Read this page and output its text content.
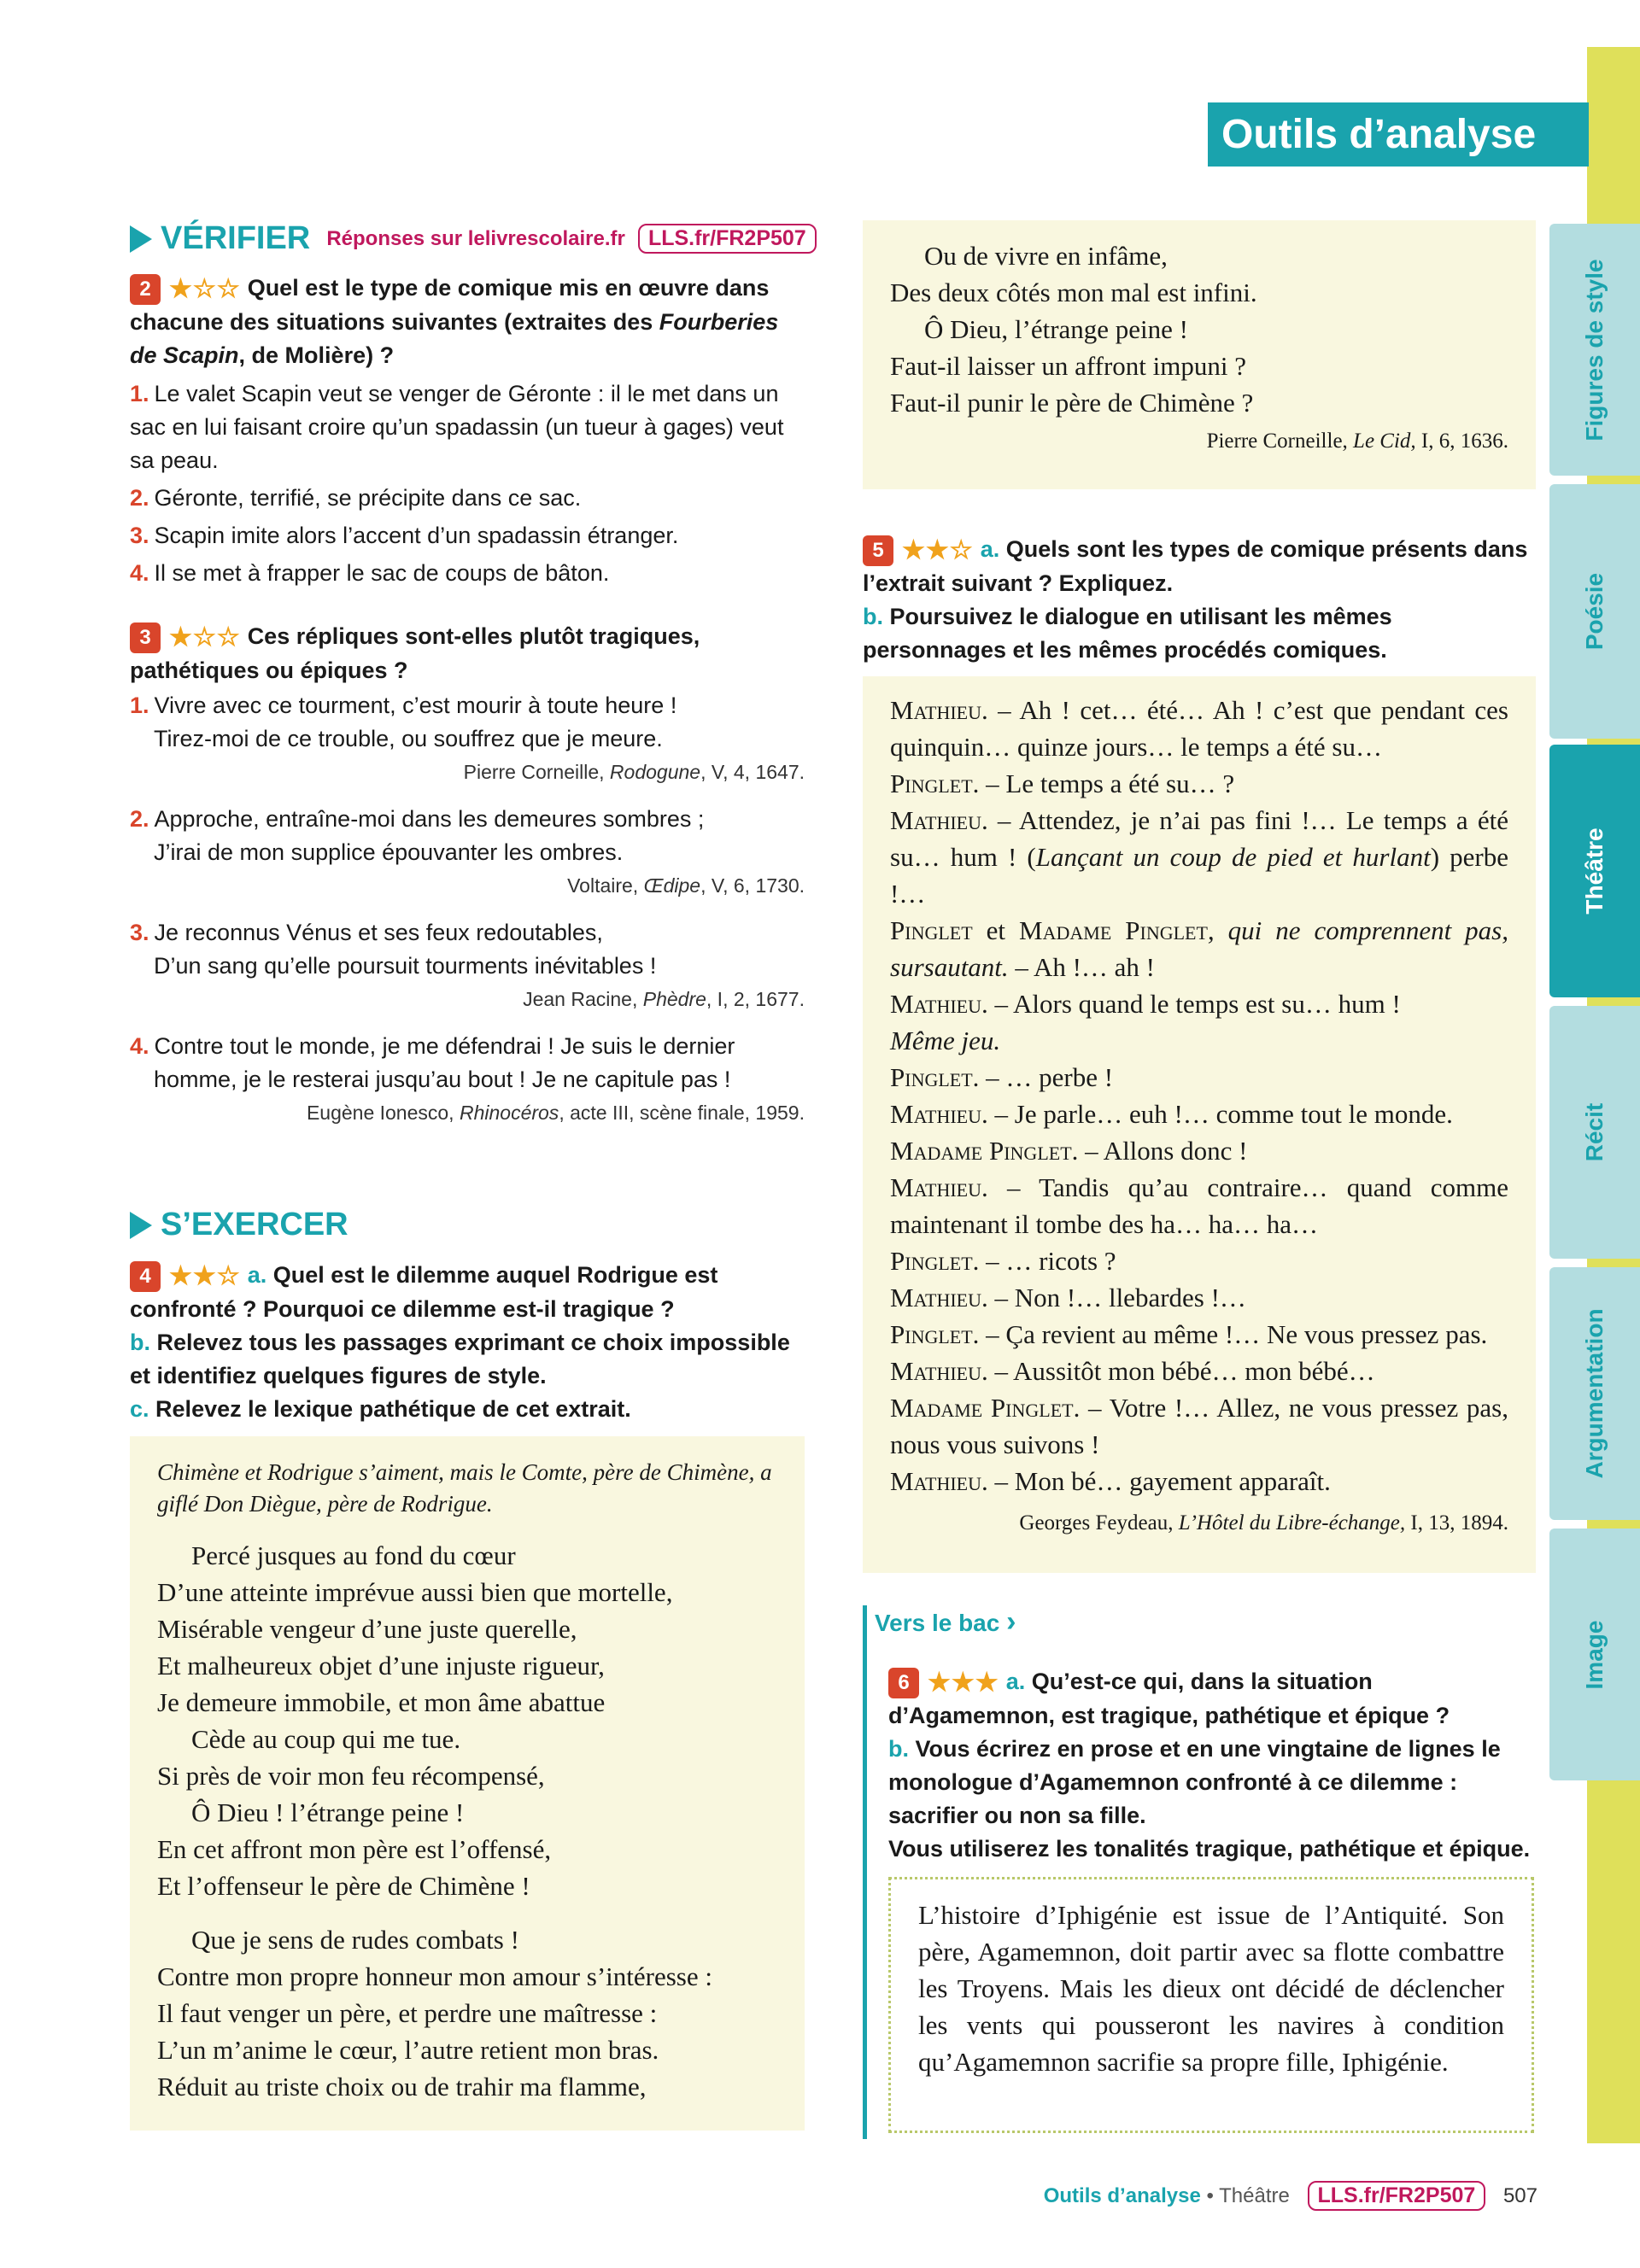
Outils d’analyse
Figures de style
Poésie
Théâtre
Récit
Argumentation
Image
VÉRIFIER Réponses sur lelivrescolaire.fr LLS.fr/FR2P507
2 ★☆☆ Quel est le type de comique mis en œuvre dans chacune des situations suivantes (extraites des Fourberies de Scapin, de Molière) ?
1. Le valet Scapin veut se venger de Géronte : il le met dans un sac en lui faisant croire qu’un spadassin (un tueur à gages) veut sa peau.
2. Géronte, terrifié, se précipite dans ce sac.
3. Scapin imite alors l’accent d’un spadassin étranger.
4. Il se met à frapper le sac de coups de bâton.
3 ★☆☆ Ces répliques sont-elles plutôt tragiques, pathétiques ou épiques ?
1. Vivre avec ce tourment, c’est mourir à toute heure !
Tirez-moi de ce trouble, ou souffrez que je meure.
Pierre Corneille, Rodogune, V, 4, 1647.
2. Approche, entraîne-moi dans les demeures sombres ;
J’irai de mon supplice épouvanter les ombres.
Voltaire, Œdipe, V, 6, 1730.
3. Je reconnus Vénus et ses feux redoutables,
D’un sang qu’elle poursuit tourments inévitables !
Jean Racine, Phèdre, I, 2, 1677.
4. Contre tout le monde, je me défendrai ! Je suis le dernier
homme, je le resterai jusqu’au bout ! Je ne capitule pas !
Eugène Ionesco, Rhinocéros, acte III, scène finale, 1959.
S’EXERCER
4 ★★☆ a. Quel est le dilemme auquel Rodrigue est confronté ? Pourquoi ce dilemme est-il tragique ?
b. Relevez tous les passages exprimant ce choix impossible et identifiez quelques figures de style.
c. Relevez le lexique pathétique de cet extrait.
Chimène et Rodrigue s’aiment, mais le Comte, père de Chimène, a giflé Don Diègue, père de Rodrigue.
Percé jusques au fond du cœur
D’une atteinte imprévue aussi bien que mortelle,
Misérable vengeur d’une juste querelle,
Et malheureux objet d’une injuste rigueur,
Je demeure immobile, et mon âme abattue
Cède au coup qui me tue.
Si près de voir mon feu récompensé,
Ô Dieu ! l’étrange peine !
En cet affront mon père est l’offensé,
Et l’offenseur le père de Chimène !
Que je sens de rudes combats !
Contre mon propre honneur mon amour s’intéresse :
Il faut venger un père, et perdre une maîtresse :
L’un m’anime le cœur, l’autre retient mon bras.
Réduit au triste choix ou de trahir ma flamme,
Ou de vivre en infâme,
Des deux côtés mon mal est infini.
Ô Dieu, l’étrange peine !
Faut-il laisser un affront impuni ?
Faut-il punir le père de Chimène ?
Pierre Corneille, Le Cid, I, 6, 1636.
5 ★★☆ a. Quels sont les types de comique présents dans l’extrait suivant ? Expliquez.
b. Poursuivez le dialogue en utilisant les mêmes personnages et les mêmes procédés comiques.
Mathieu. – Ah ! cet… été… Ah ! c’est que pendant ces quinquin… quinze jours… le temps a été su…
Pinglet. – Le temps a été su… ?
Mathieu. – Attendez, je n’ai pas fini !… Le temps a été su… hum ! (Lançant un coup de pied et hurlant) perbe !…
Pinglet et Madame Pinglet, qui ne comprennent pas, sursautant. – Ah !… ah !
Mathieu. – Alors quand le temps est su… hum !
Même jeu.
Pinglet. – … perbe !
Mathieu. – Je parle… euh !… comme tout le monde.
Madame Pinglet. – Allons donc !
Mathieu. – Tandis qu’au contraire… quand comme maintenant il tombe des ha… ha… ha…
Pinglet. – … ricots ?
Mathieu. – Non !… llebardes !…
Pinglet. – Ça revient au même !… Ne vous pressez pas.
Mathieu. – Aussitôt mon bébé… mon bébé…
Madame Pinglet. – Votre !… Allez, ne vous pressez pas, nous vous suivons !
Mathieu. – Mon bé… gayement apparaît.
Georges Feydeau, L’Hôtel du Libre-échange, I, 13, 1894.
Vers le bac ›
6 ★★★ a. Qu’est-ce qui, dans la situation d’Agamemnon, est tragique, pathétique et épique ?
b. Vous écrirez en prose et en une vingtaine de lignes le monologue d’Agamemnon confronté à ce dilemme : sacrifier ou non sa fille.
Vous utiliserez les tonalités tragique, pathétique et épique.
L’histoire d’Iphigénie est issue de l’Antiquité. Son père, Agamemnon, doit partir avec sa flotte combattre les Troyens. Mais les dieux ont décidé de déclencher les vents qui pousseront les navires à condition qu’Agamemnon sacrifie sa propre fille, Iphigénie.
Outils d’analyse • Théâtre LLS.fr/FR2P507 507
